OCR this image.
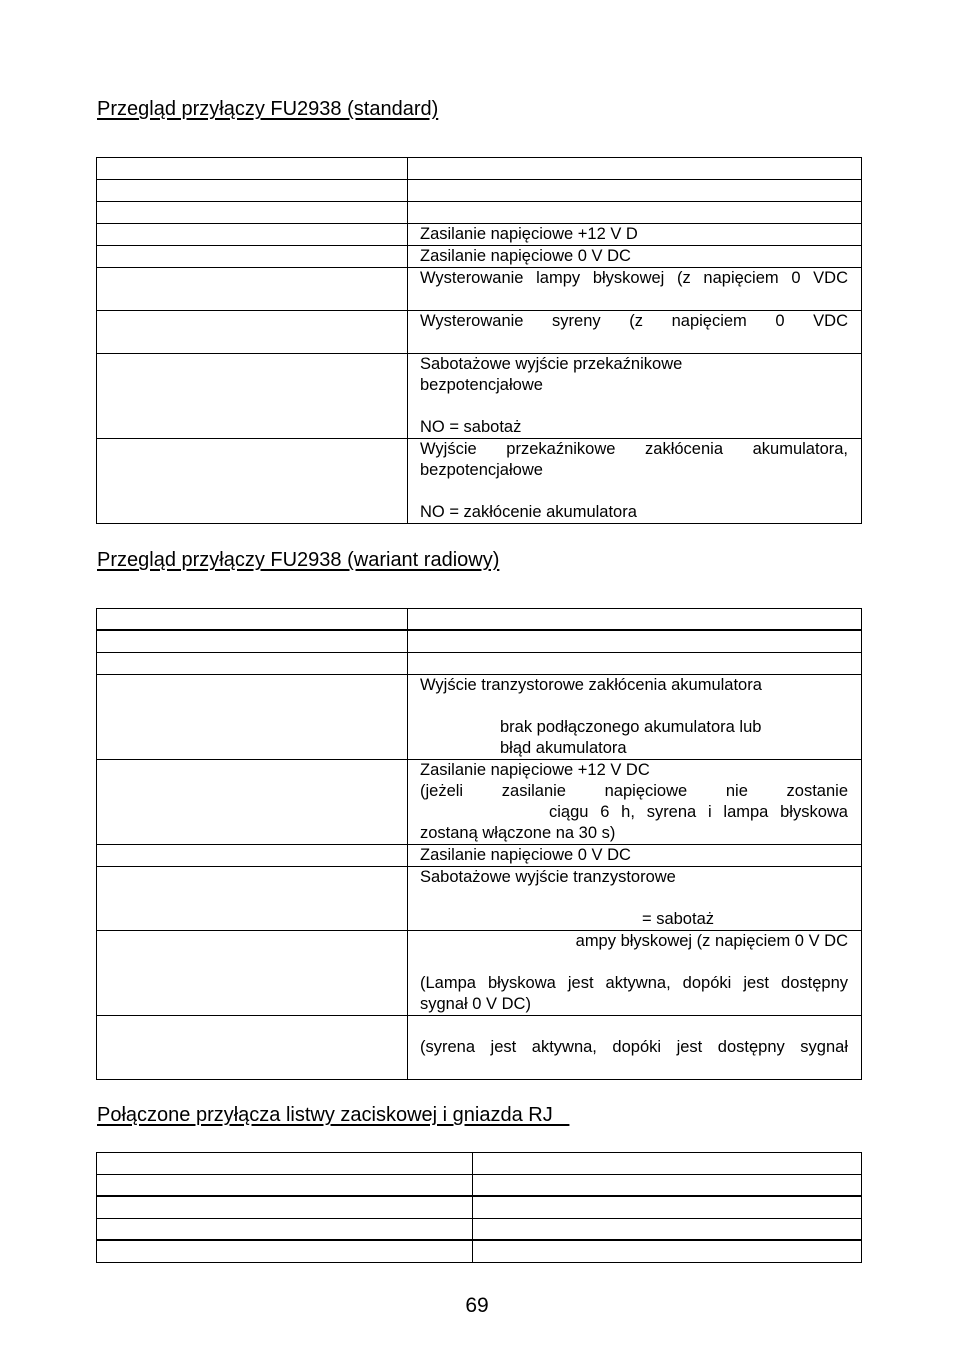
Przegląd przyłączy FU2938 (standard)
Zasilanie napięciowe +12 V D
Zasilanie napięciowe 0 V DC
Wysterowanie lampy błyskowej (z napięciem 0 VDC
Wysterowanie syreny (z napięciem 0 VDC
Sabotażowe wyjście przekaźnikowe
bezpotencjałowe
NO = sabotaż
Wyjście przekaźnikowe zakłócenia akumulatora,
bezpotencjałowe
NO = zakłócenie akumulatora
Przegląd przyłączy FU2938 (wariant radiowy)
Wyjście tranzystorowe zakłócenia akumulatora
brak podłączonego akumulatora lub
błąd akumulatora
Zasilanie napięciowe +12 V DC
(jeżeli zasilanie napięciowe nie zostanie
ciągu 6 h, syrena i lampa błyskowa
zostaną włączone na 30 s)
Zasilanie napięciowe 0 V DC
Sabotażowe wyjście tranzystorowe
= sabotaż
ampy błyskowej (z napięciem 0 V DC
(Lampa błyskowa jest aktywna, dopóki jest dostępny
sygnał 0 V DC)
(syrena jest aktywna, dopóki jest dostępny sygnał
Połączone przyłącza listwy zaciskowej i gniazda RJ
69
